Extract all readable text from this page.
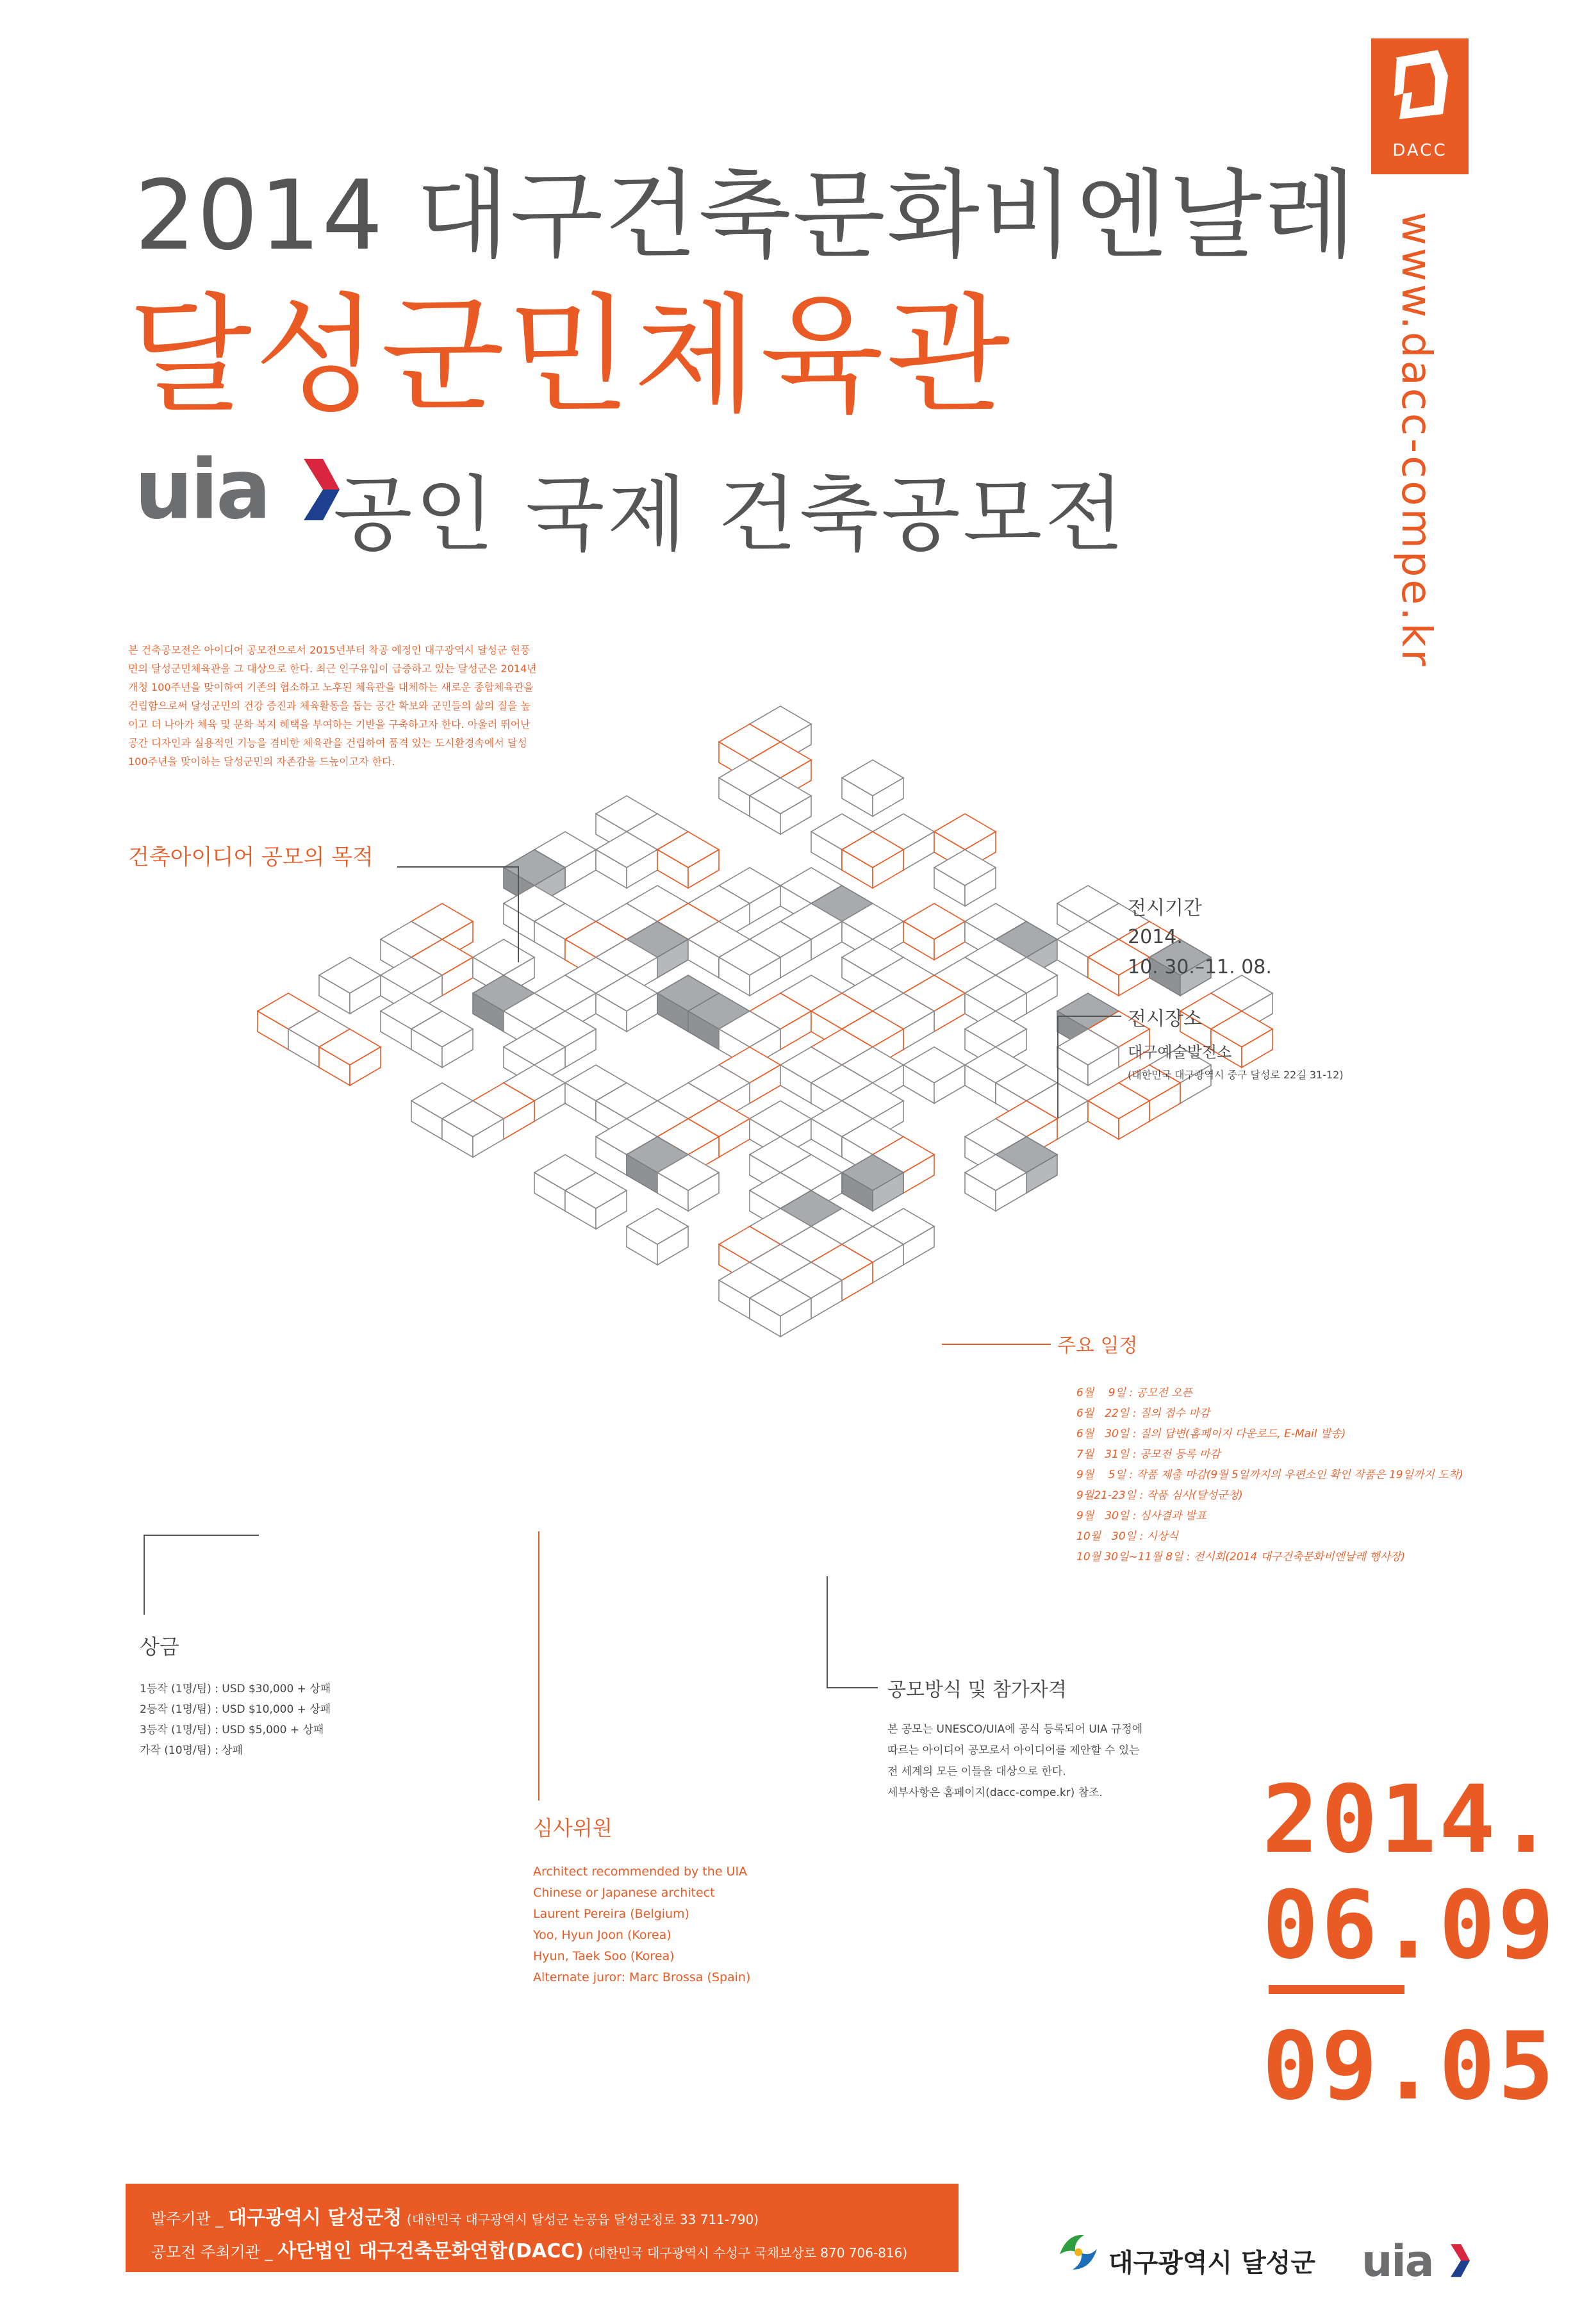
2014 대구건축문화비엔날레
달성군민체육관
uia 공인 국제 건축공모전
DACC
www.dacc-compe.kr
본 건축공모전은 아이디어 공모전으로서 2015년부터 착공 예정인 대구광역시 달성군 현풍면의 달성군민체육관을 그 대상으로 한다. 최근 인구유입이 급증하고 있는 달성군은 2014년 개청 100주년을 맞이하여 기존의 협소하고 노후된 체육관을 대체하는 새로운 종합체육관을 건립함으로써 달성군민의 건강 증진과 체육활동을 돕는 공간 확보와 군민들의 삶의 질을 높이고 더 나아가 체육 및 문화 복지 혜택을 부여하는 기반을 구축하고자 한다. 아울러 뛰어난 공간 디자인과 실용적인 기능을 겸비한 체육관을 건립하여 품격 있는 도시환경속에서 달성 100주년을 맞이하는 달성군민의 자존감을 드높이고자 한다.
건축아이디어 공모의 목적
전시기간
2014.
10. 30.–11. 08.
전시장소
대구예술발전소
(대한민국 대구광역시 중구 달성로 22길 31-12)
주요 일정
6월　 9일 : 공모전 오픈
6월　22일 : 질의 접수 마감
6월　30일 : 질의 답변(홈페이지 다운로드, E-Mail 발송)
7월　31일 : 공모전 등록 마감
9월　 5일 : 작품 제출 마감(9월 5일까지의 우편소인 확인 작품은 19일까지 도착)
9월21-23일 : 작품 심사(달성군청)
9월　30일 : 심사결과 발표
10월　30일 : 시상식
10월 30일~11월 8일 : 전시회(2014 대구건축문화비엔날레 행사장)
상금
1등작 (1명/팀) : USD $30,000 + 상패
2등작 (1명/팀) : USD $10,000 + 상패
3등작 (1명/팀) : USD $5,000 + 상패
가작 (10명/팀) : 상패
공모방식 및 참가자격
본 공모는 UNESCO/UIA에 공식 등록되어 UIA 규정에
따르는 아이디어 공모로서 아이디어를 제안할 수 있는
전 세계의 모든 이들을 대상으로 한다.
세부사항은 홈페이지(dacc-compe.kr) 참조.
심사위원
Architect recommended by the UIA
Chinese or Japanese architect
Laurent Pereira (Belgium)
Yoo, Hyun Joon (Korea)
Hyun, Taek Soo (Korea)
Alternate juror: Marc Brossa (Spain)
2014.
06.09
09.05
발주기관 _ 대구광역시 달성군청 (대한민국 대구광역시 달성군 논공읍 달성군청로 33 711-790)
공모전 주최기관 _ 사단법인 대구건축문화연합(DACC) (대한민국 대구광역시 수성구 국채보상로 870 706-816)	대구광역시 달성군 uia
